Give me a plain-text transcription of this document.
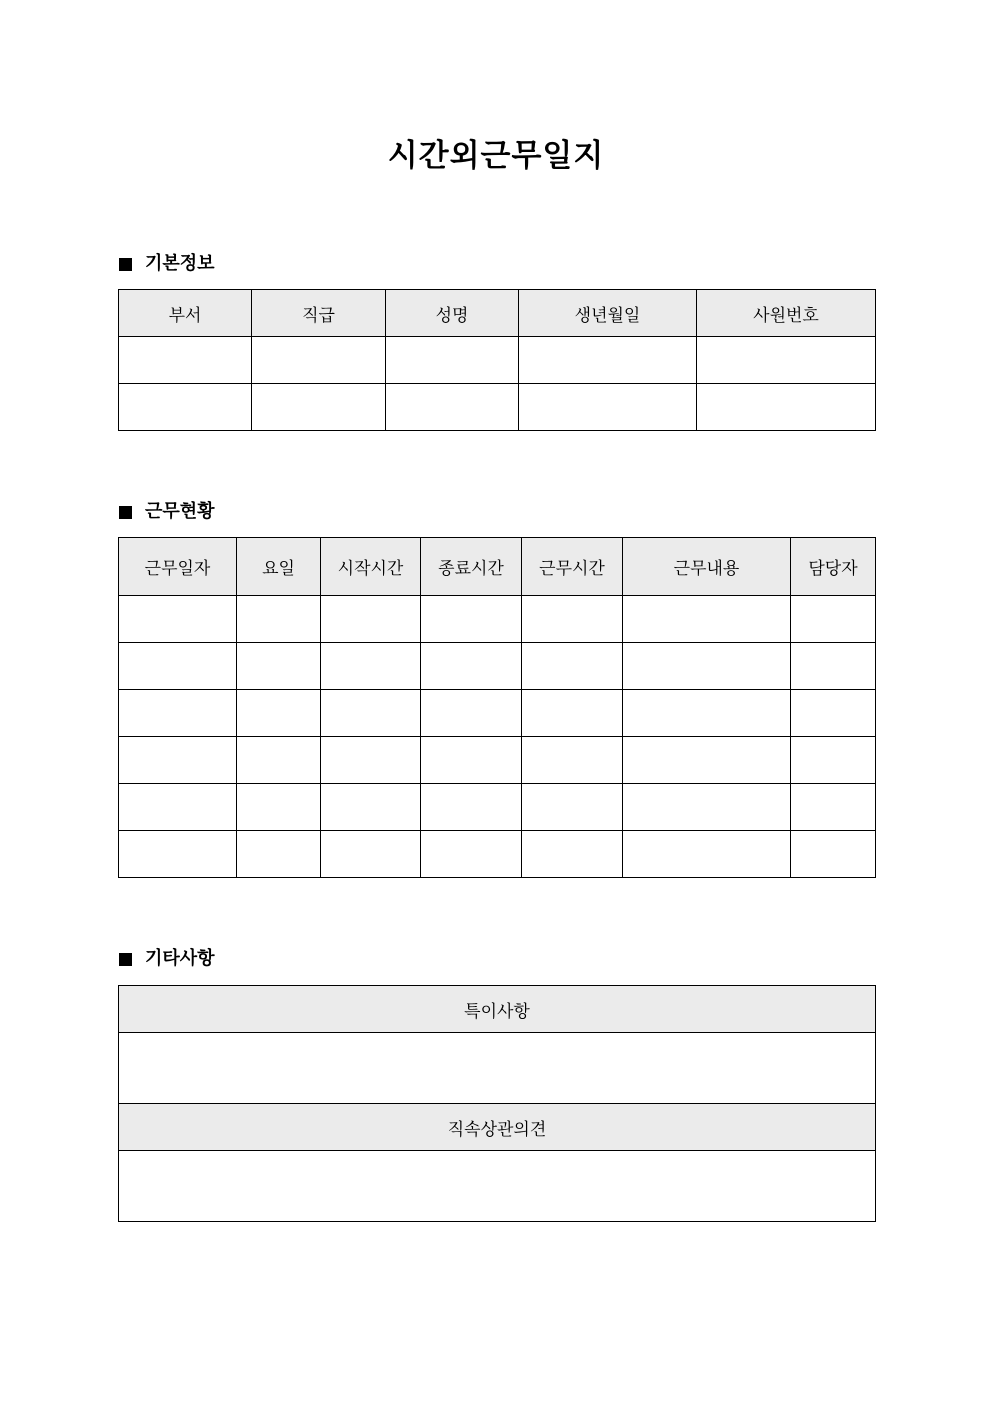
시간외근무일지
기본정보
부서	직급	성명	생년월일	사원번호

근무현황
근무일자	요일	시작시간	종료시간	근무시간	근무내용	담당자

기타사항
특이사항

직속상관의견
